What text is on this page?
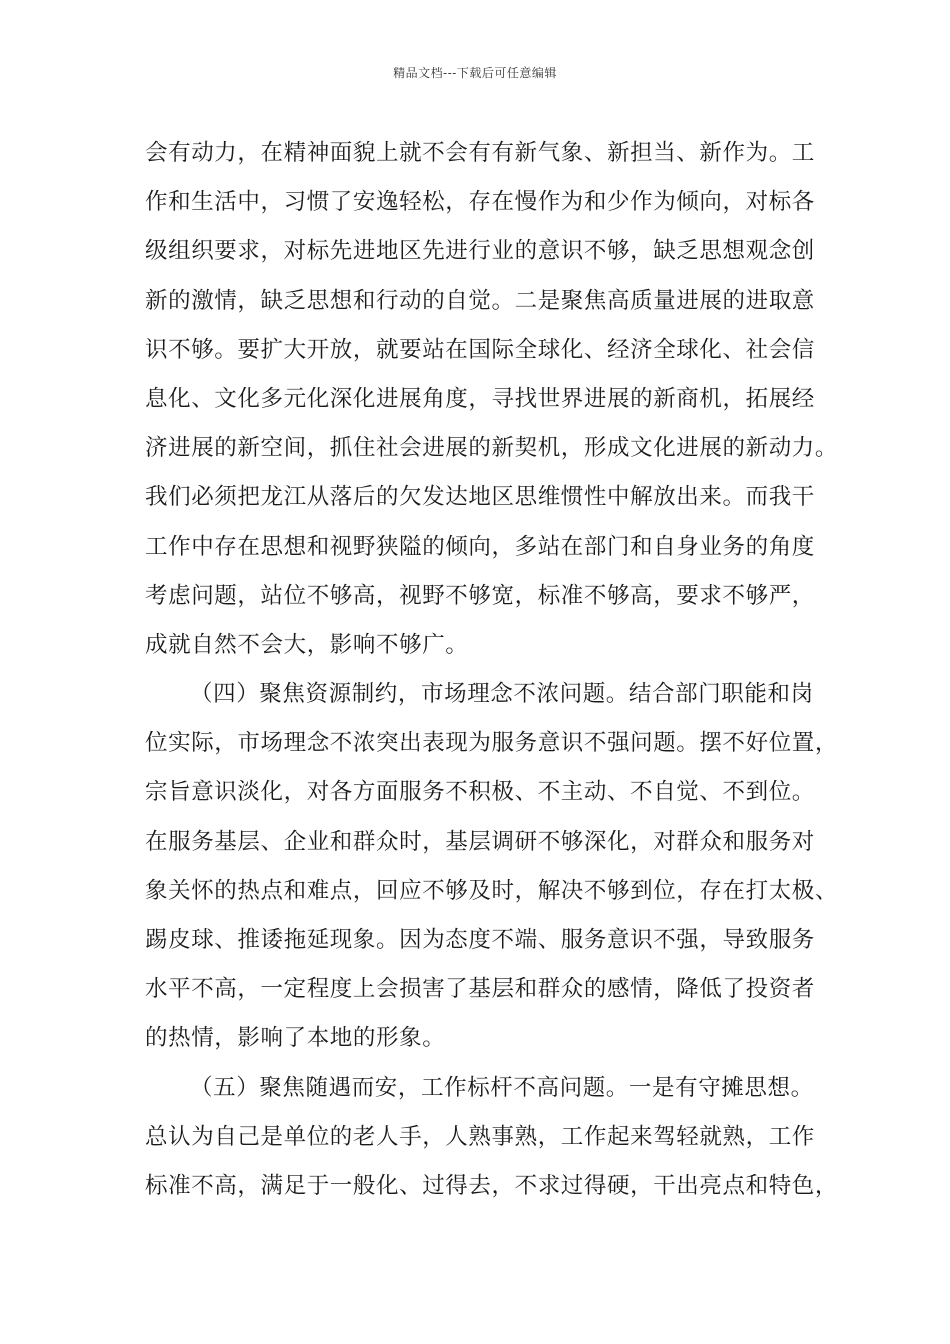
精品文档---下载后可任意编辑
会有动力，在精神面貌上就不会有有新气象、新担当、新作为。工
作和生活中，习惯了安逸轻松，存在慢作为和少作为倾向，对标各
级组织要求，对标先进地区先进行业的意识不够，缺乏思想观念创
新的激情，缺乏思想和行动的自觉。二是聚焦高质量进展的进取意
识不够。要扩大开放，就要站在国际全球化、经济全球化、社会信
息化、文化多元化深化进展角度，寻找世界进展的新商机，拓展经
济进展的新空间，抓住社会进展的新契机，形成文化进展的新动力。
我们必须把龙江从落后的欠发达地区思维惯性中解放出来。而我干
工作中存在思想和视野狭隘的倾向，多站在部门和自身业务的角度
考虑问题，站位不够高，视野不够宽，标准不够高，要求不够严，
成就自然不会大，影响不够广。
（四）聚焦资源制约，市场理念不浓问题。结合部门职能和岗
位实际，市场理念不浓突出表现为服务意识不强问题。摆不好位置，
宗旨意识淡化，对各方面服务不积极、不主动、不自觉、不到位。
在服务基层、企业和群众时，基层调研不够深化，对群众和服务对
象关怀的热点和难点，回应不够及时，解决不够到位，存在打太极、
踢皮球、推诿拖延现象。因为态度不端、服务意识不强，导致服务
水平不高，一定程度上会损害了基层和群众的感情，降低了投资者
的热情，影响了本地的形象。
（五）聚焦随遇而安，工作标杆不高问题。一是有守摊思想。
总认为自己是单位的老人手，人熟事熟，工作起来驾轻就熟，工作
标准不高，满足于一般化、过得去，不求过得硬，干出亮点和特色，
